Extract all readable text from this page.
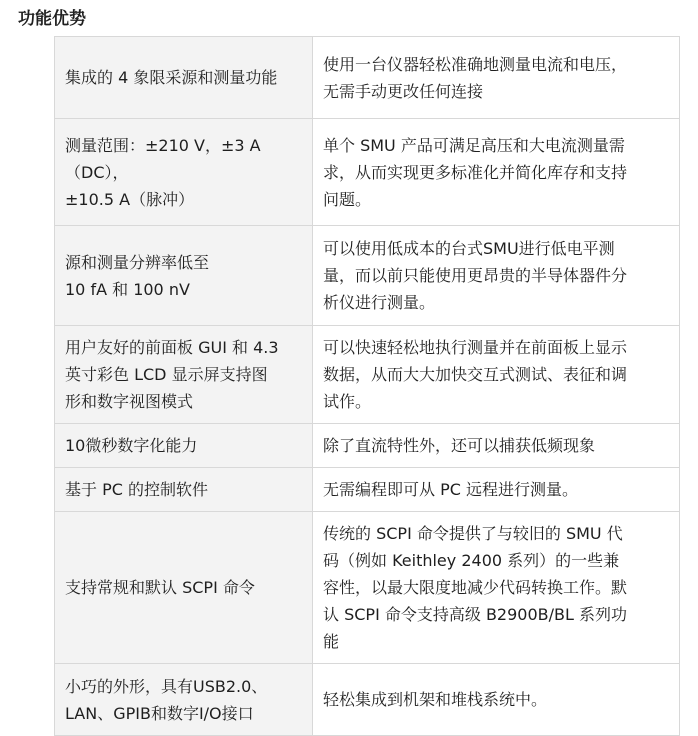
功能优势
集成的 4 象限采源和测量功能	使用一台仪器轻松准确地测量电流和电压，
无需手动更改任何连接
测量范围：±210 V，±3 A
（DC），
±10.5 A（脉冲）	单个 SMU 产品可满足高压和大电流测量需
求，从而实现更多标准化并简化库存和支持
问题。
源和测量分辨率低至
10 fA 和 100 nV	可以使用低成本的台式SMU进行低电平测
量，而以前只能使用更昂贵的半导体器件分
析仪进行测量。
用户友好的前面板 GUI 和 4.3
英寸彩色 LCD 显示屏支持图
形和数字视图模式	可以快速轻松地执行测量并在前面板上显示
数据，从而大大加快交互式测试、表征和调
试作。
10微秒数字化能力	除了直流特性外，还可以捕获低频现象
基于 PC 的控制软件	无需编程即可从 PC 远程进行测量。
支持常规和默认 SCPI 命令	传统的 SCPI 命令提供了与较旧的 SMU 代
码（例如 Keithley 2400 系列）的一些兼
容性，以最大限度地减少代码转换工作。默
认 SCPI 命令支持高级 B2900B/BL 系列功
能
小巧的外形，具有USB2.0、
LAN、GPIB和数字I/O接口	轻松集成到机架和堆栈系统中。
